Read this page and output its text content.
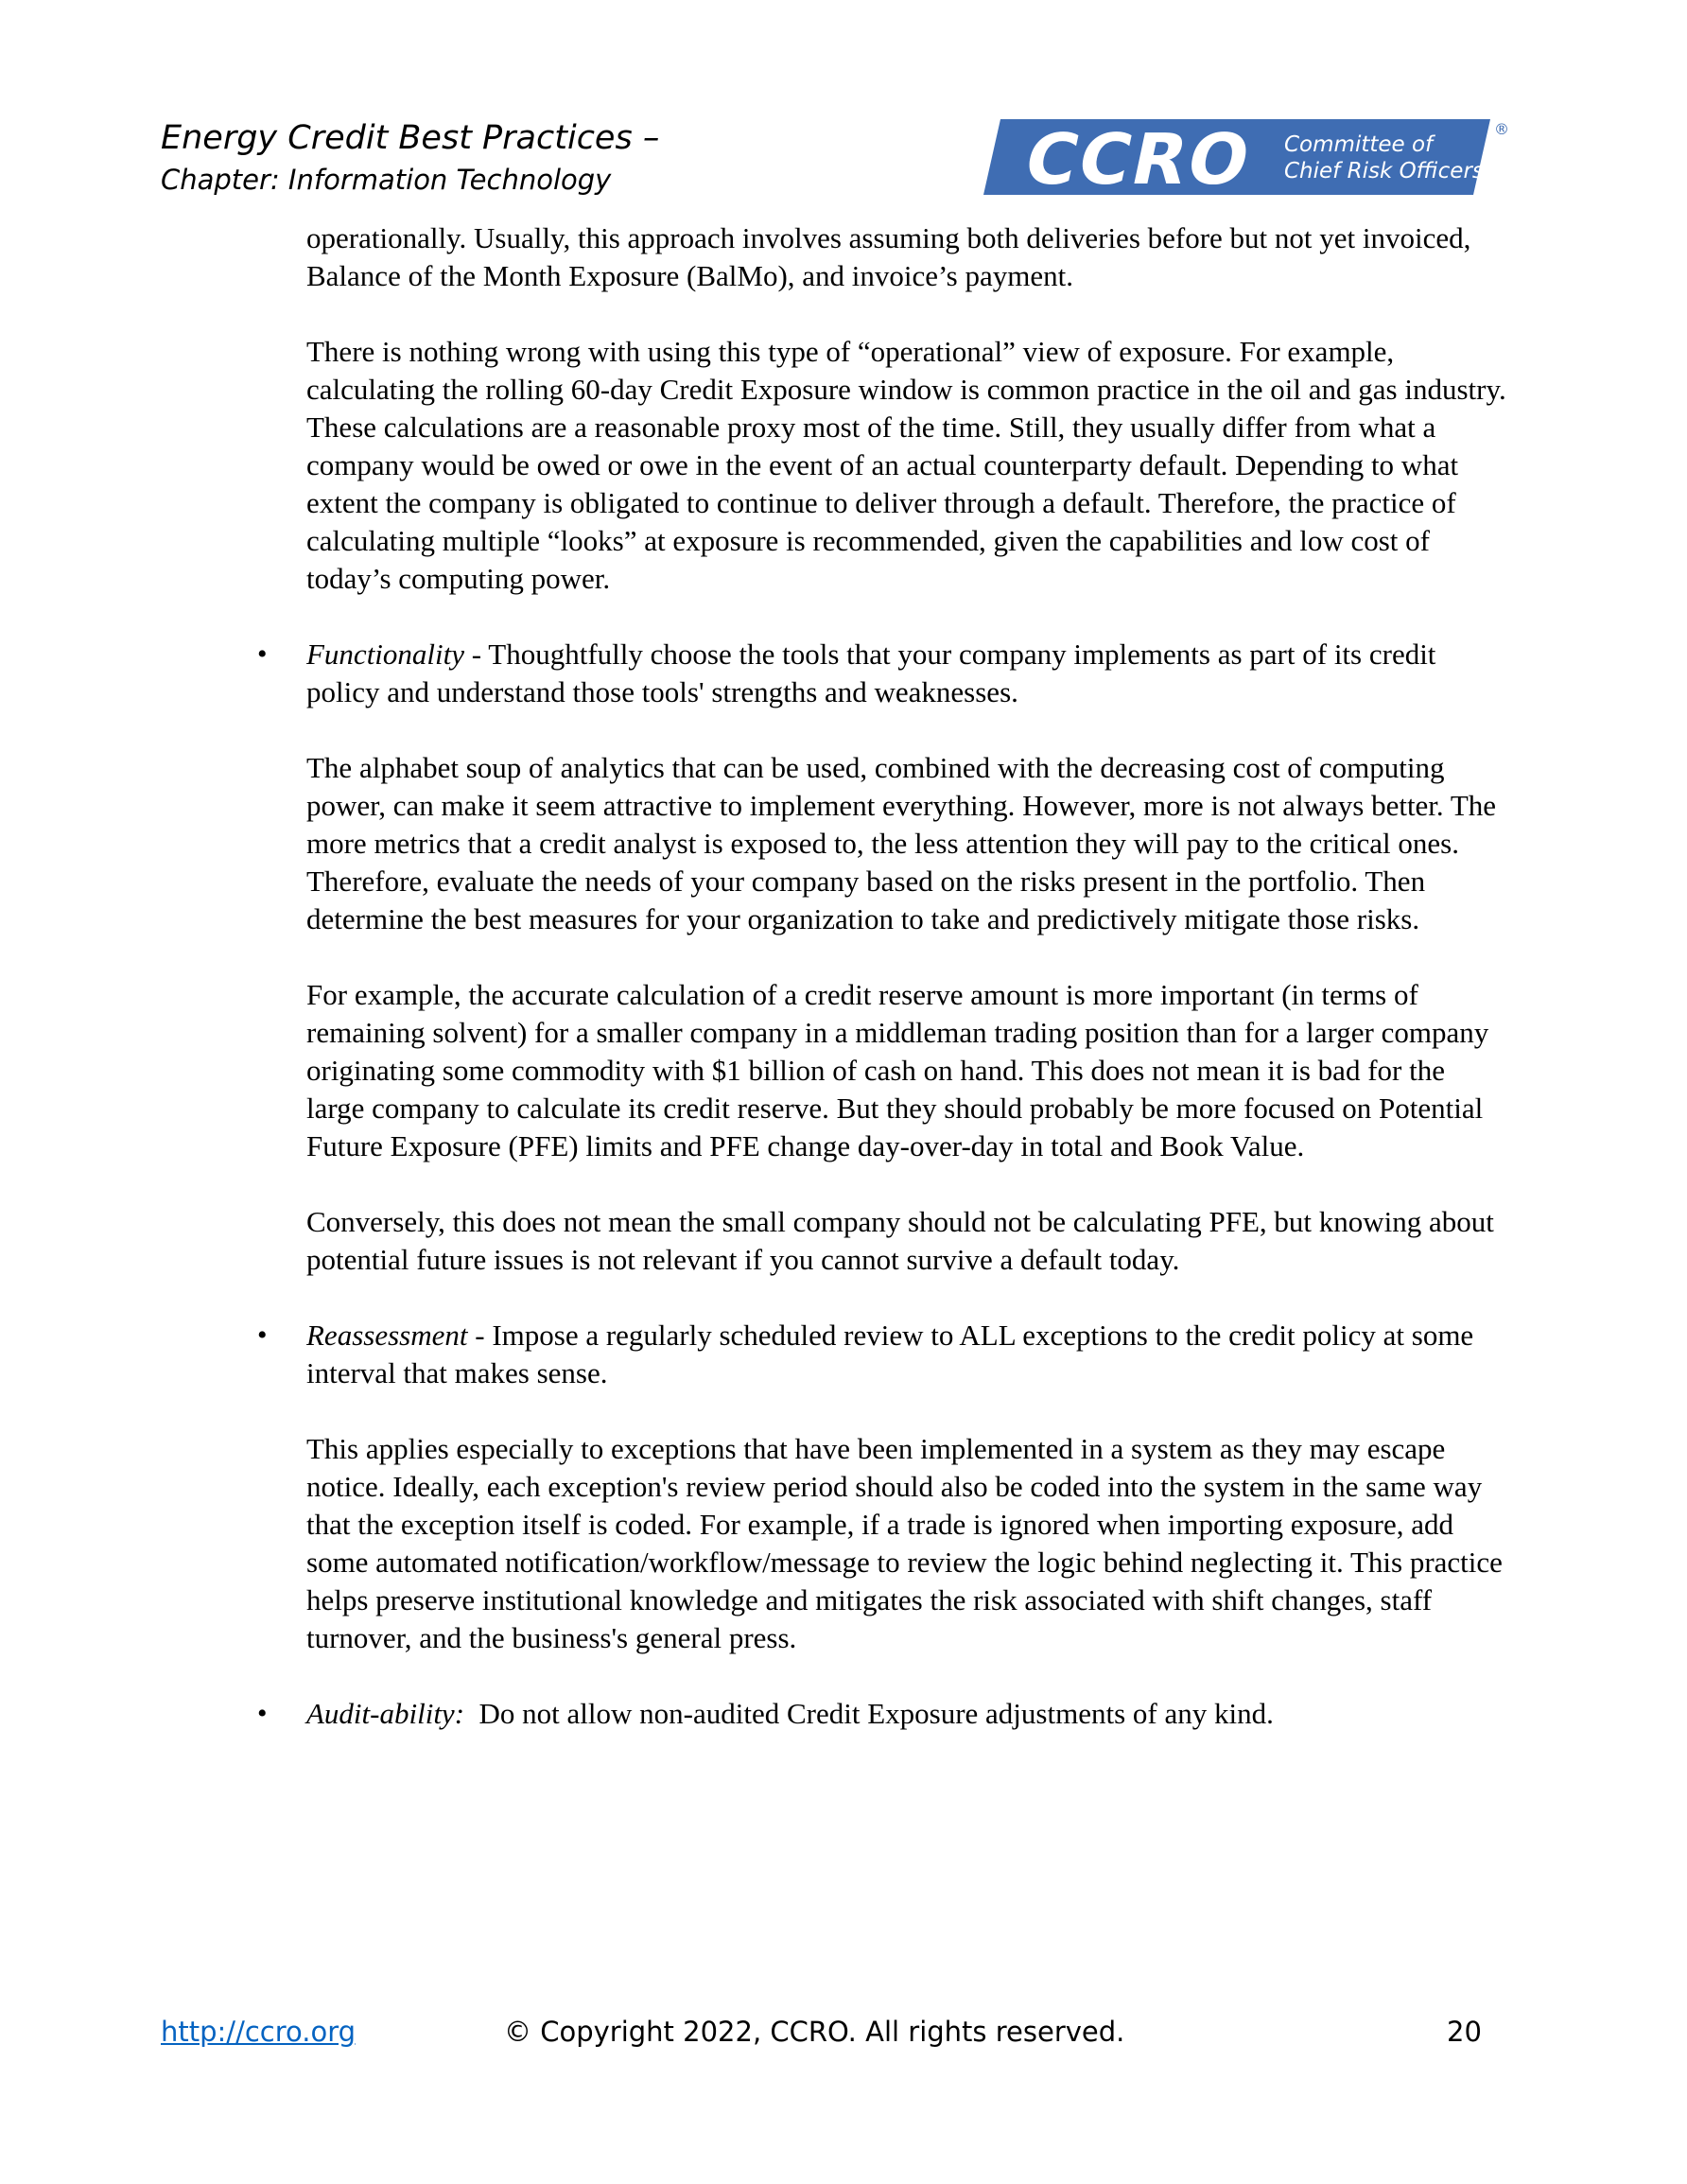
Energy Credit Best Practices –
Chapter: Information Technology	CCRO Committee of
Chief Risk Officers
®

operationally. Usually, this approach involves assuming both deliveries before but not yet invoiced, Balance of the Month Exposure (BalMo), and invoice’s payment.

There is nothing wrong with using this type of “operational” view of exposure. For example, calculating the rolling 60-day Credit Exposure window is common practice in the oil and gas industry. These calculations are a reasonable proxy most of the time. Still, they usually differ from what a company would be owed or owe in the event of an actual counterparty default. Depending to what extent the company is obligated to continue to deliver through a default. Therefore, the practice of calculating multiple “looks” at exposure is recommended, given the capabilities and low cost of today’s computing power.

• Functionality - Thoughtfully choose the tools that your company implements as part of its credit policy and understand those tools' strengths and weaknesses.

The alphabet soup of analytics that can be used, combined with the decreasing cost of computing power, can make it seem attractive to implement everything. However, more is not always better. The more metrics that a credit analyst is exposed to, the less attention they will pay to the critical ones. Therefore, evaluate the needs of your company based on the risks present in the portfolio. Then determine the best measures for your organization to take and predictively mitigate those risks.

For example, the accurate calculation of a credit reserve amount is more important (in terms of remaining solvent) for a smaller company in a middleman trading position than for a larger company originating some commodity with $1 billion of cash on hand. This does not mean it is bad for the large company to calculate its credit reserve. But they should probably be more focused on Potential Future Exposure (PFE) limits and PFE change day-over-day in total and Book Value.

Conversely, this does not mean the small company should not be calculating PFE, but knowing about potential future issues is not relevant if you cannot survive a default today.

• Reassessment - Impose a regularly scheduled review to ALL exceptions to the credit policy at some interval that makes sense.

This applies especially to exceptions that have been implemented in a system as they may escape notice. Ideally, each exception's review period should also be coded into the system in the same way that the exception itself is coded. For example, if a trade is ignored when importing exposure, add some automated notification/workflow/message to review the logic behind neglecting it. This practice helps preserve institutional knowledge and mitigates the risk associated with shift changes, staff turnover, and the business's general press.

• Audit-ability: Do not allow non-audited Credit Exposure adjustments of any kind.
http://ccro.org	© Copyright 2022, CCRO. All rights reserved.	20
